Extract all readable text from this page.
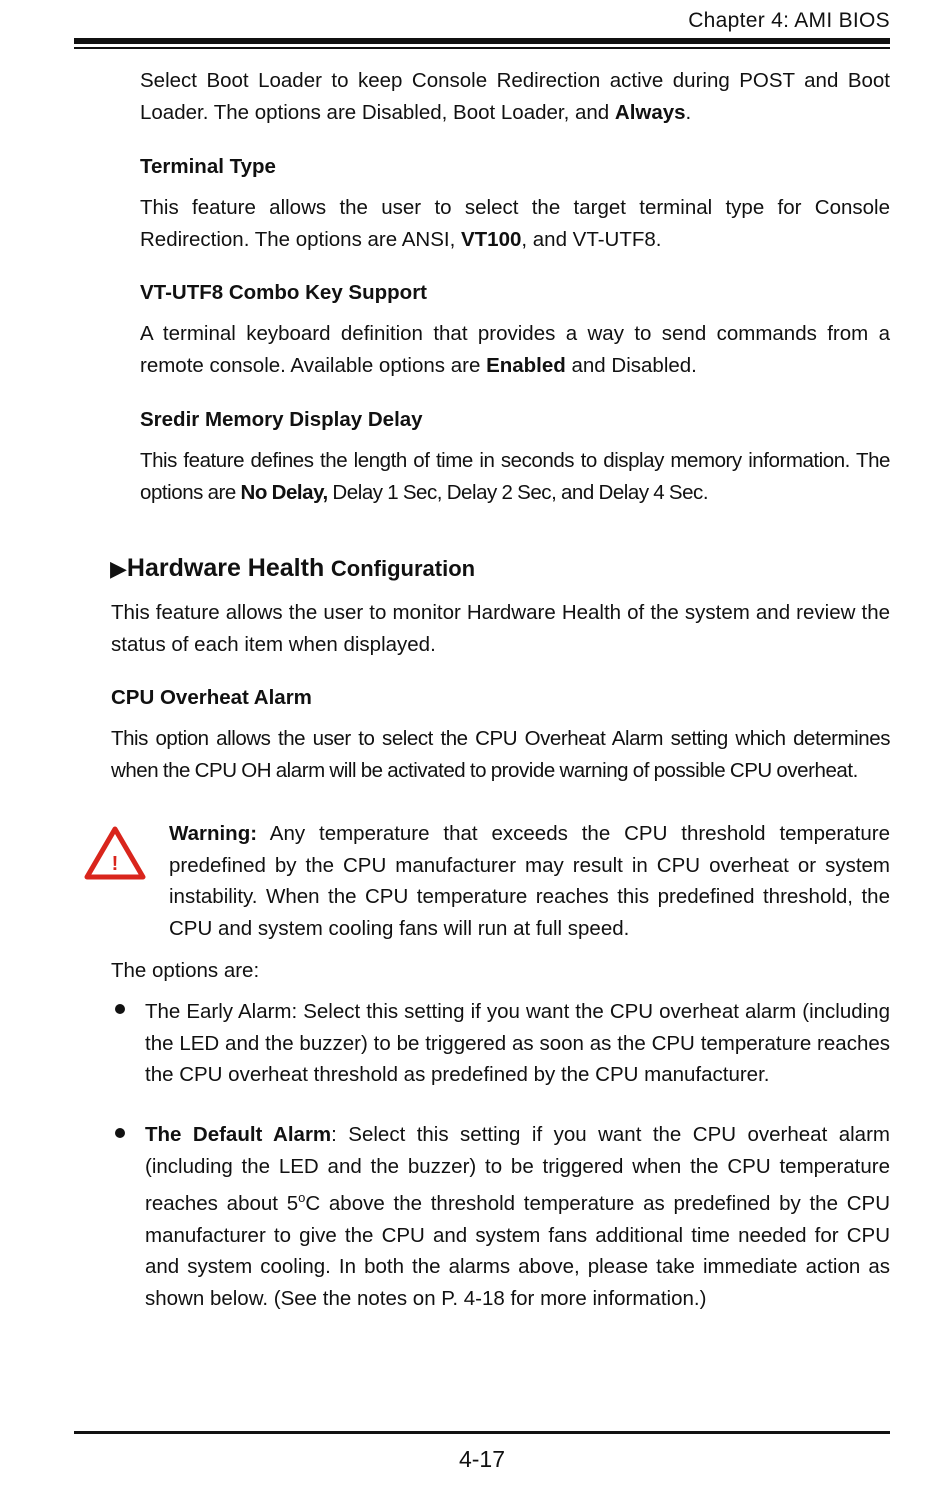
Chapter 4: AMI BIOS

Select Boot Loader to keep Console Redirection active during POST and Boot Loader. The options are Disabled, Boot Loader, and Always.

Terminal Type

This feature allows the user to select the target terminal type for Console Redirection. The options are ANSI, VT100, and VT-UTF8.

VT-UTF8 Combo Key Support

A terminal keyboard definition that provides a way to send commands from a remote console. Available options are Enabled and Disabled.

Sredir Memory Display Delay

This feature defines the length of time in seconds to display memory information. The options are No Delay, Delay 1 Sec, Delay 2 Sec, and Delay 4 Sec.

▶Hardware Health Configuration

This feature allows the user to monitor Hardware Health of the system and review the status of each item when displayed.

CPU Overheat Alarm

This option allows the user to select the CPU Overheat Alarm setting which determines when the CPU OH alarm will be activated to provide warning of possible CPU overheat.

!

Warning: Any temperature that exceeds the CPU threshold temperature predefined by the CPU manufacturer may result in CPU overheat or system instability. When the CPU temperature reaches this predefined threshold, the CPU and system cooling fans will run at full speed.

The options are:

The Early Alarm: Select this setting if you want the CPU overheat alarm (including the LED and the buzzer) to be triggered as soon as the CPU temperature reaches the CPU overheat threshold as predefined by the CPU manufacturer.

The Default Alarm: Select this setting if you want the CPU overheat alarm (including the LED and the buzzer) to be triggered when the CPU temperature reaches about 5$^o$C above the threshold temperature as predefined by the CPU manufacturer to give the CPU and system fans additional time needed for CPU and system cooling. In both the alarms above, please take immediate action as shown below. (See the notes on P. 4-18 for more information.)

4-17
